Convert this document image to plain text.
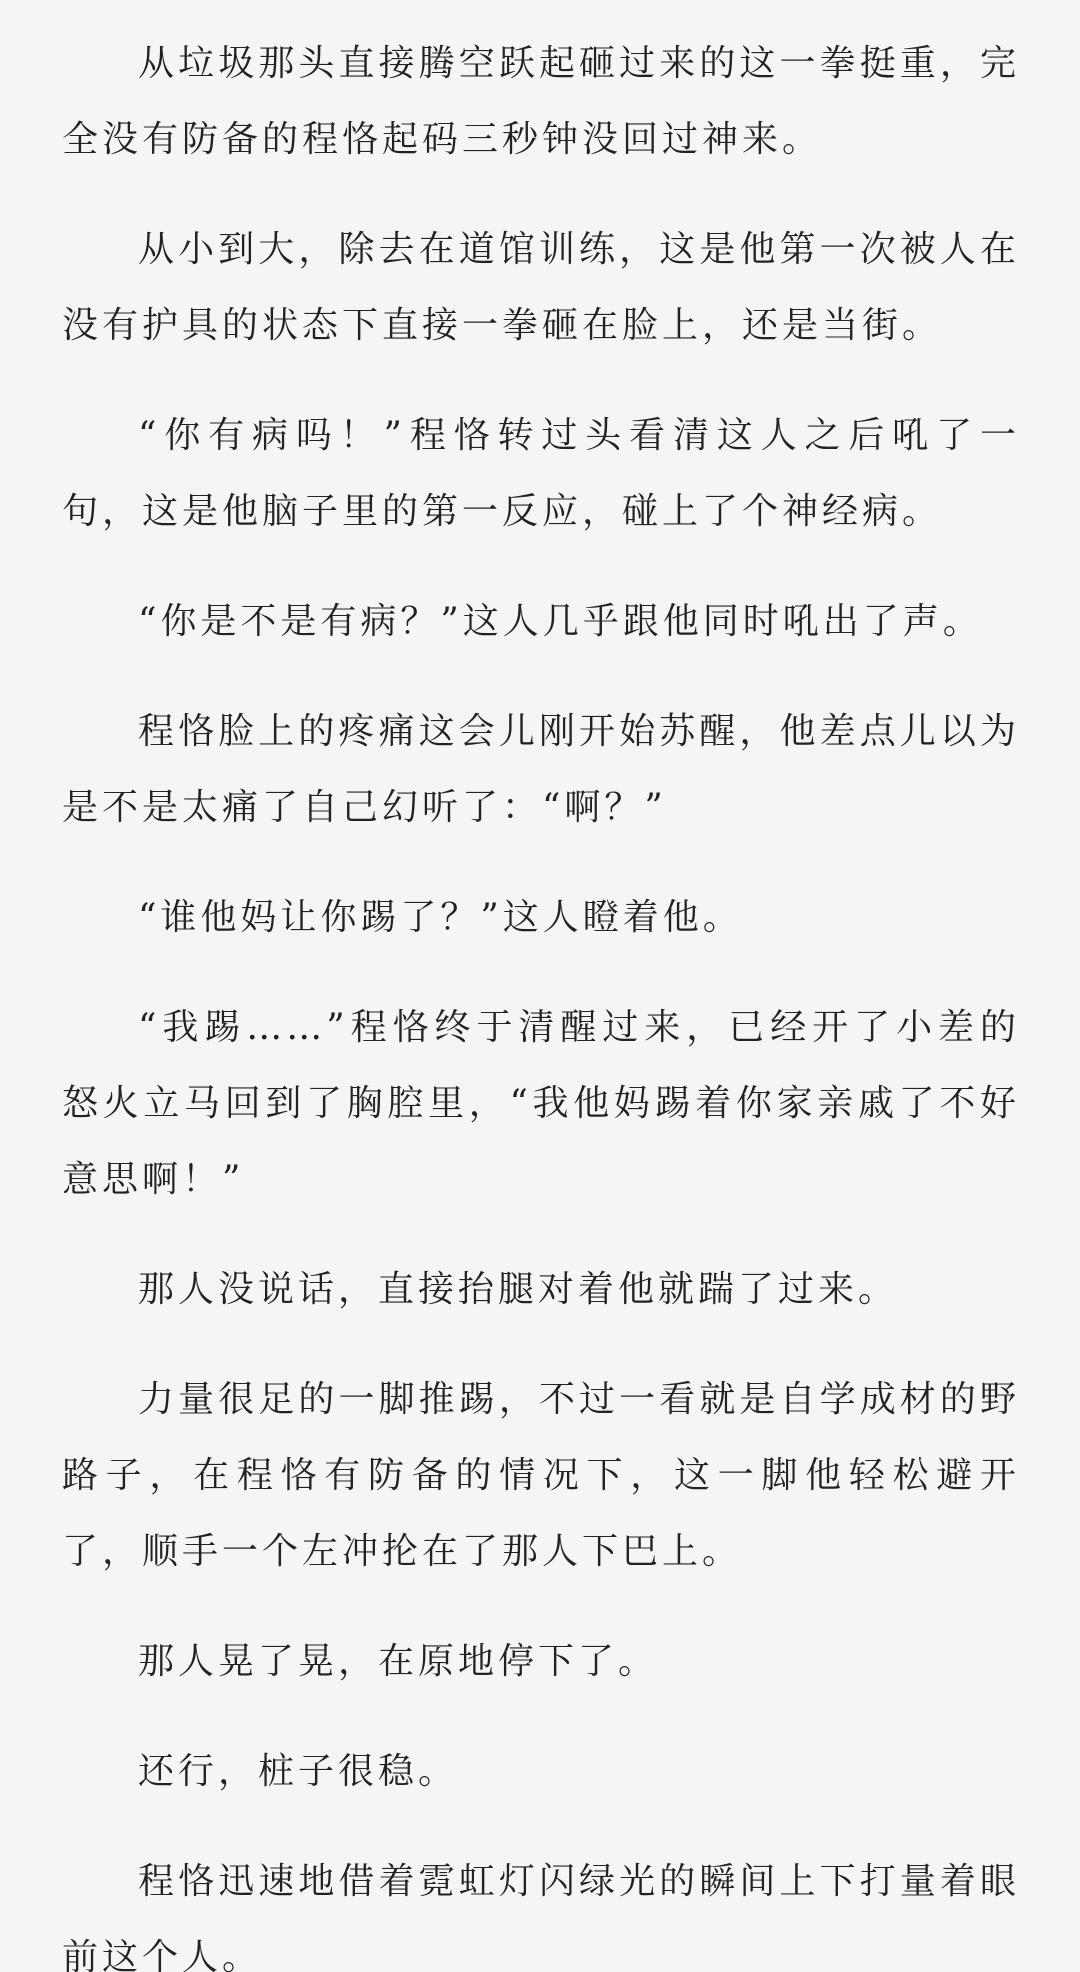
从垃圾那头直接腾空跃起砸过来的这一拳挺重，完全没有防备的程恪起码三秒钟没回过神来。

从小到大，除去在道馆训练，这是他第一次被人在没有护具的状态下直接一拳砸在脸上，还是当街。

“你有病吗！”程恪转过头看清这人之后吼了一句，这是他脑子里的第一反应，碰上了个神经病。

“你是不是有病？”这人几乎跟他同时吼出了声。

程恪脸上的疼痛这会儿刚开始苏醒，他差点儿以为是不是太痛了自己幻听了：“啊？”

“谁他妈让你踢了？”这人瞪着他。

“我踢……”程恪终于清醒过来，已经开了小差的怒火立马回到了胸腔里，“我他妈踢着你家亲戚了不好意思啊！”

那人没说话，直接抬腿对着他就踹了过来。

力量很足的一脚推踢，不过一看就是自学成材的野路子，在程恪有防备的情况下，这一脚他轻松避开了，顺手一个左冲抡在了那人下巴上。

那人晃了晃，在原地停下了。

还行，桩子很稳。

程恪迅速地借着霓虹灯闪绿光的瞬间上下打量着眼前这个人。
